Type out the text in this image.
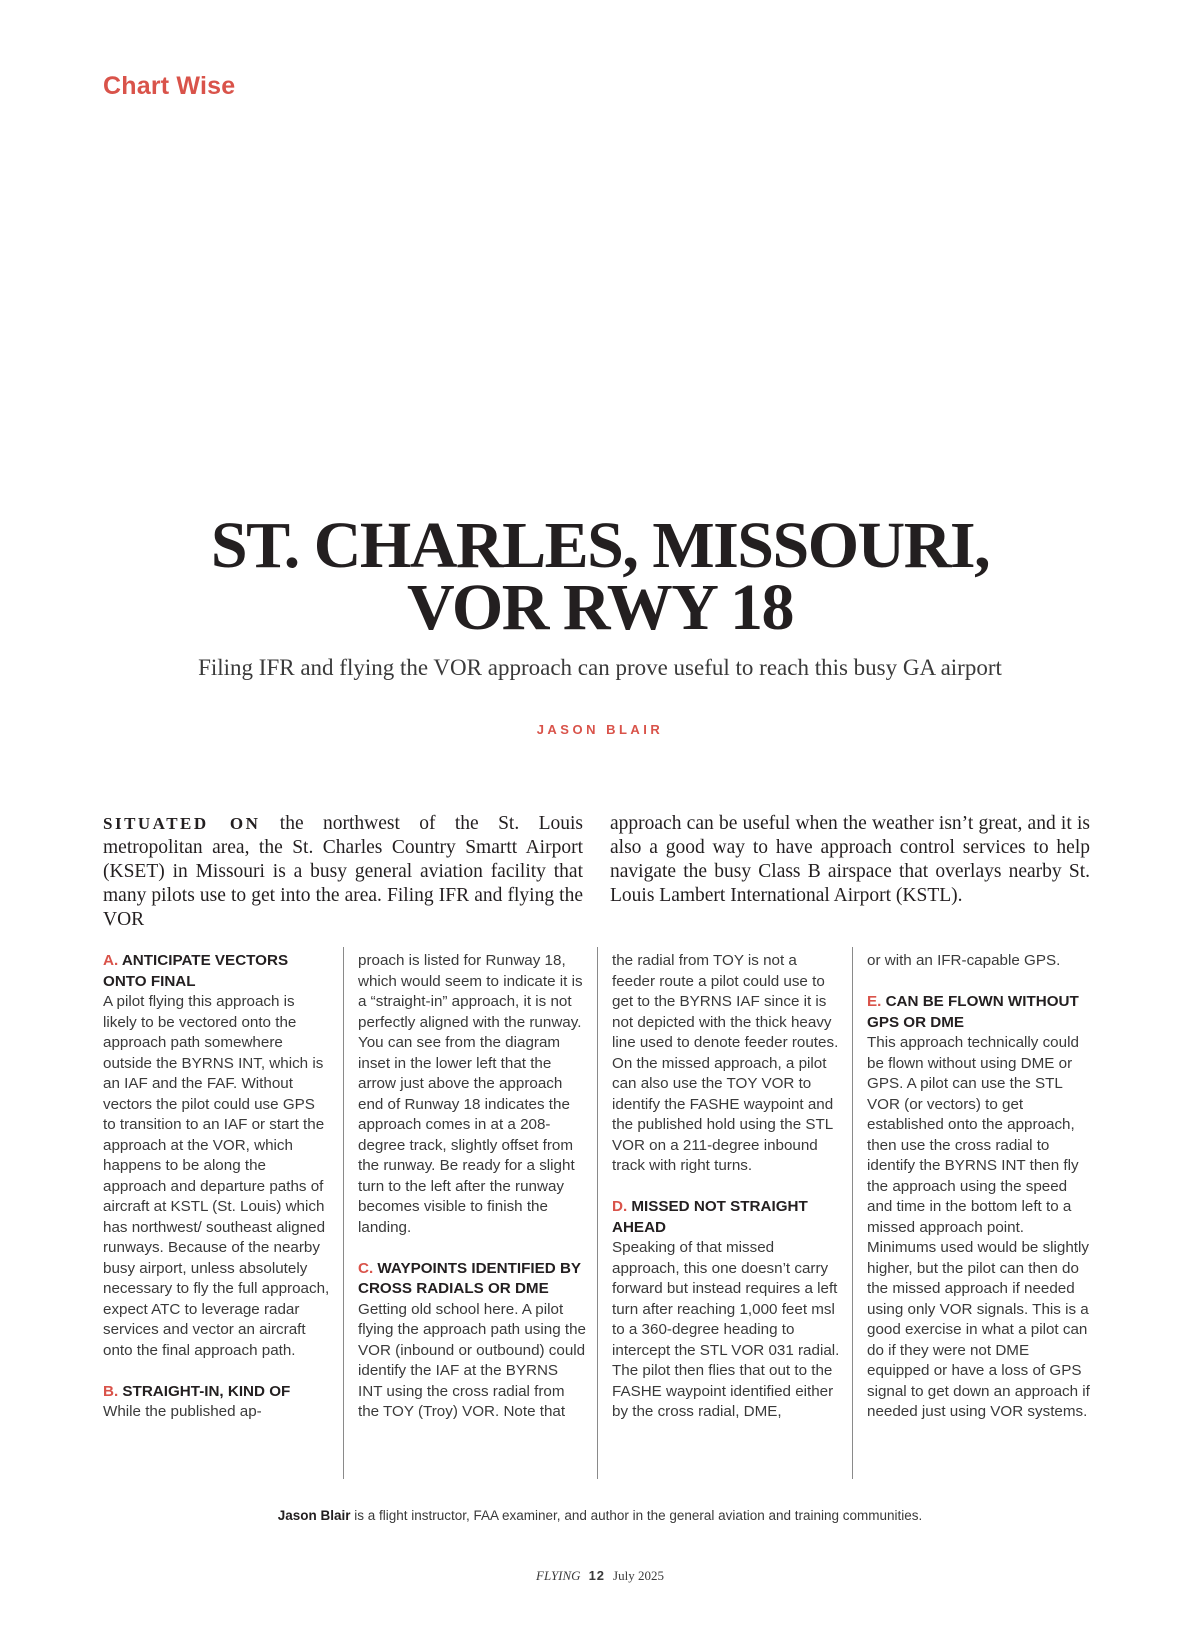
Chart Wise
ST. CHARLES, MISSOURI,
VOR RWY 18
Filing IFR and flying the VOR approach can prove useful to reach this busy GA airport
JASON BLAIR
SITUATED ON the northwest of the St. Louis metropolitan area, the St. Charles Country Smartt Airport (KSET) in Missouri is a busy general aviation facility that many pilots use to get into the area. Filing IFR and flying the VOR
approach can be useful when the weather isn’t great, and it is also a good way to have approach control services to help navigate the busy Class B airspace that overlays nearby St. Louis Lambert International Airport (KSTL).

A. ANTICIPATE VECTORS ONTO FINAL

A pilot flying this approach is likely to be vectored onto the approach path somewhere outside the BYRNS INT, which is an IAF and the FAF. Without vectors the pilot could use GPS to transition to an IAF or start the approach at the VOR, which happens to be along the approach and departure paths of aircraft at KSTL (St. Louis) which has northwest/ southeast aligned runways. Because of the nearby busy airport, unless absolutely necessary to fly the full approach, expect ATC to leverage radar services and vector an aircraft onto the final approach path.

B. STRAIGHT-IN, KIND OF

While the published ap-

proach is listed for Runway 18, which would seem to indicate it is a “straight-in” approach, it is not perfectly aligned with the runway. You can see from the diagram inset in the lower left that the arrow just above the approach end of Runway 18 indicates the approach comes in at a 208-degree track, slightly offset from the runway. Be ready for a slight turn to the left after the runway becomes visible to finish the landing.

C. WAYPOINTS IDENTIFIED BY CROSS RADIALS OR DME

Getting old school here. A pilot flying the approach path using the VOR (inbound or outbound) could identify the IAF at the BYRNS INT using the cross radial from the TOY (Troy) VOR. Note that

the radial from TOY is not a feeder route a pilot could use to get to the BYRNS IAF since it is not depicted with the thick heavy line used to denote feeder routes. On the missed approach, a pilot can also use the TOY VOR to identify the FASHE waypoint and the published hold using the STL VOR on a 211-degree inbound track with right turns.

D. MISSED NOT STRAIGHT AHEAD

Speaking of that missed approach, this one doesn’t carry forward but instead requires a left turn after reaching 1,000 feet msl to a 360-degree heading to intercept the STL VOR 031 radial. The pilot then flies that out to the FASHE waypoint identified either by the cross radial, DME,

or with an IFR-capable GPS.

E. CAN BE FLOWN WITHOUT GPS OR DME

This approach technically could be flown without using DME or GPS. A pilot can use the STL VOR (or vectors) to get established onto the approach, then use the cross radial to identify the BYRNS INT then fly the approach using the speed and time in the bottom left to a missed approach point. Minimums used would be slightly higher, but the pilot can then do the missed approach if needed using only VOR signals. This is a good exercise in what a pilot can do if they were not DME equipped or have a loss of GPS signal to get down an approach if needed just using VOR systems.

Jason Blair is a flight instructor, FAA examiner, and author in the general aviation and training communities.
FLYING 12 July 2025
